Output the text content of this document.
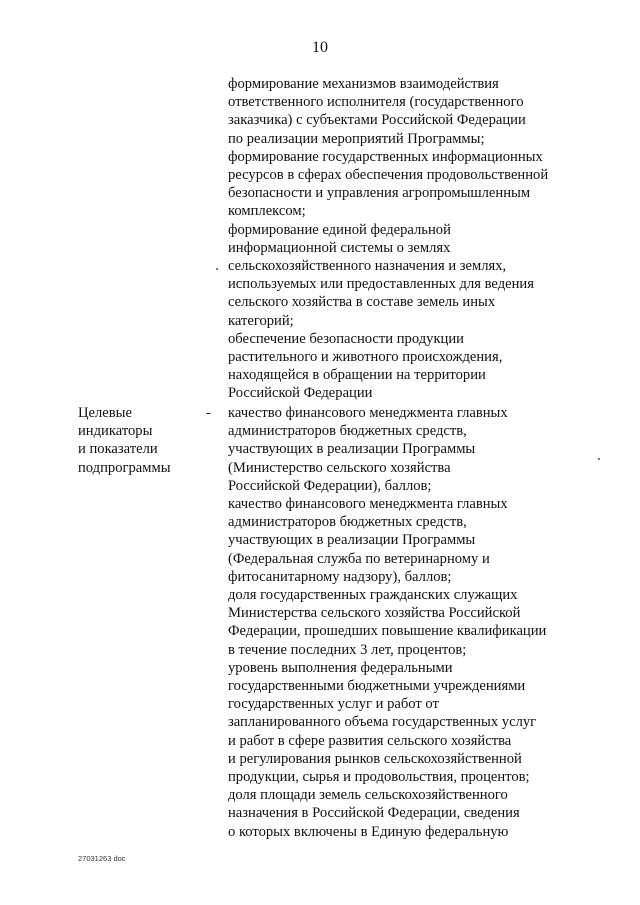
10
формирование механизмов взаимодействия
ответственного исполнителя (государственного
заказчика) с субъектами Российской Федерации
по реализации мероприятий Программы;
формирование государственных информационных
ресурсов в сферах обеспечения продовольственной
безопасности и управления агропромышленным
комплексом;
формирование единой федеральной
информационной системы о землях
сельскохозяйственного назначения и землях,
используемых или предоставленных для ведения
сельского хозяйства в составе земель иных
категорий;
обеспечение безопасности продукции
растительного и животного происхождения,
находящейся в обращении на территории
Российской Федерации
Целевые
индикаторы
и показатели
подпрограммы
- качество финансового менеджмента главных
администраторов бюджетных средств,
участвующих в реализации Программы
(Министерство сельского хозяйства
Российской Федерации), баллов;
качество финансового менеджмента главных
администраторов бюджетных средств,
участвующих в реализации Программы
(Федеральная служба по ветеринарному и
фитосанитарному надзору), баллов;
доля государственных гражданских служащих
Министерства сельского хозяйства Российской
Федерации, прошедших повышение квалификации
в течение последних 3 лет, процентов;
уровень выполнения федеральными
государственными бюджетными учреждениями
государственных услуг и работ от
запланированного объема государственных услуг
и работ в сфере развития сельского хозяйства
и регулирования рынков сельскохозяйственной
продукции, сырья и продовольствия, процентов;
доля площади земель сельскохозяйственного
назначения в Российской Федерации, сведения
о которых включены в Единую федеральную
27031263 doc
